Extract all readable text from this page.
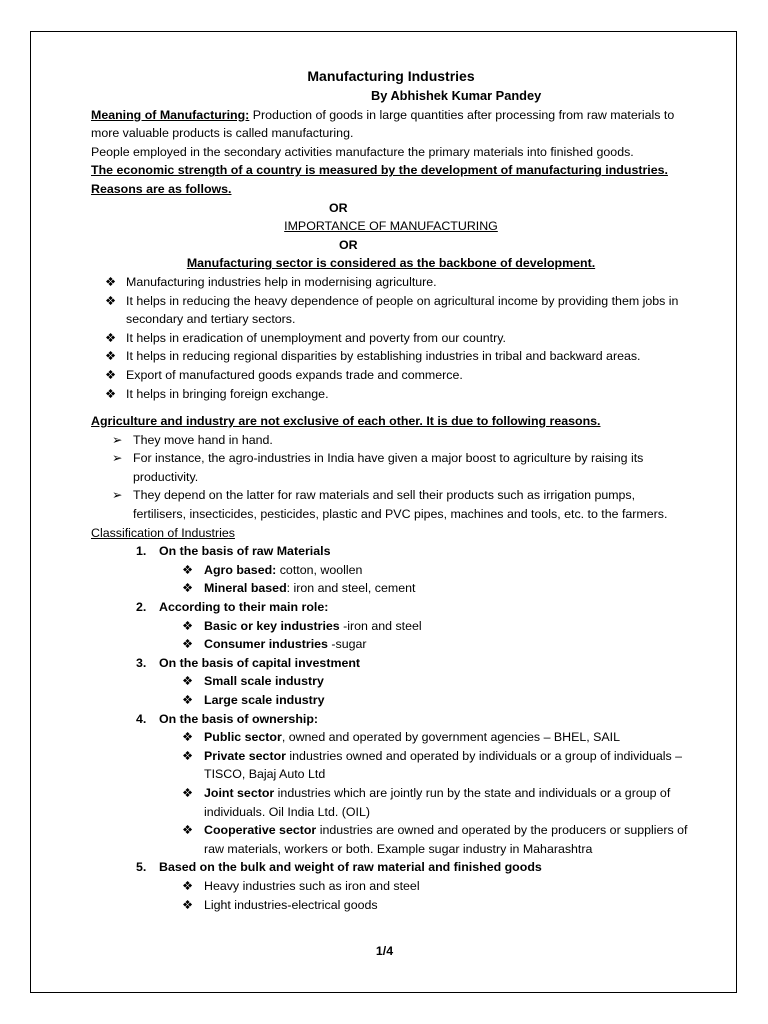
Manufacturing Industries

By Abhishek Kumar Pandey

Meaning of Manufacturing: Production of goods in large quantities after processing from raw materials to more valuable products is called manufacturing.

People employed in the secondary activities manufacture the primary materials into finished goods.

The economic strength of a country is measured by the development of manufacturing industries. Reasons are as follows.

OR

IMPORTANCE OF MANUFACTURING

OR

Manufacturing sector is considered as the backbone of development.

❖ Manufacturing industries help in modernising agriculture.
❖ It helps in reducing the heavy dependence of people on agricultural income by providing them jobs in secondary and tertiary sectors.
❖ It helps in eradication of unemployment and poverty from our country.
❖ It helps in reducing regional disparities by establishing industries in tribal and backward areas.
❖ Export of manufactured goods expands trade and commerce.
❖ It helps in bringing foreign exchange.

Agriculture and industry are not exclusive of each other. It is due to following reasons.

➢ They move hand in hand.
➢ For instance, the agro-industries in India have given a major boost to agriculture by raising its productivity.
➢ They depend on the latter for raw materials and sell their products such as irrigation pumps, fertilisers, insecticides, pesticides, plastic and PVC pipes, machines and tools, etc. to the farmers.

Classification of Industries

1. On the basis of raw Materials
❖ Agro based: cotton, woollen
❖ Mineral based: iron and steel, cement
2. According to their main role:
❖ Basic or key industries -iron and steel
❖ Consumer industries -sugar
3. On the basis of capital investment
❖ Small scale industry
❖ Large scale industry
4. On the basis of ownership:
❖ Public sector, owned and operated by government agencies – BHEL, SAIL
❖ Private sector industries owned and operated by individuals or a group of individuals –TISCO, Bajaj Auto Ltd
❖ Joint sector industries which are jointly run by the state and individuals or a group of individuals. Oil India Ltd. (OIL)
❖ Cooperative sector industries are owned and operated by the producers or suppliers of raw materials, workers or both. Example sugar industry in Maharashtra
5. Based on the bulk and weight of raw material and finished goods
❖ Heavy industries such as iron and steel
❖ Light industries-electrical goods
1/4
